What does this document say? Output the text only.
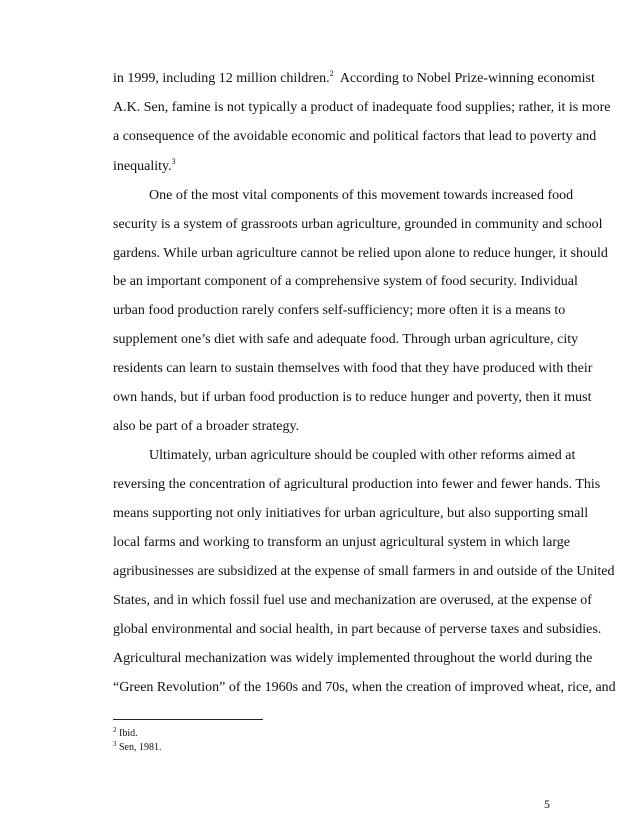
in 1999, including 12 million children.$^2$  According to Nobel Prize-winning economist
A.K. Sen, famine is not typically a product of inadequate food supplies; rather, it is more
a consequence of the avoidable economic and political factors that lead to poverty and
inequality.$^3$
One of the most vital components of this movement towards increased food
security is a system of grassroots urban agriculture, grounded in community and school
gardens. While urban agriculture cannot be relied upon alone to reduce hunger, it should
be an important component of a comprehensive system of food security. Individual
urban food production rarely confers self-sufficiency; more often it is a means to
supplement one’s diet with safe and adequate food. Through urban agriculture, city
residents can learn to sustain themselves with food that they have produced with their
own hands, but if urban food production is to reduce hunger and poverty, then it must
also be part of a broader strategy.
Ultimately, urban agriculture should be coupled with other reforms aimed at
reversing the concentration of agricultural production into fewer and fewer hands. This
means supporting not only initiatives for urban agriculture, but also supporting small
local farms and working to transform an unjust agricultural system in which large
agribusinesses are subsidized at the expense of small farmers in and outside of the United
States, and in which fossil fuel use and mechanization are overused, at the expense of
global environmental and social health, in part because of perverse taxes and subsidies.
Agricultural mechanization was widely implemented throughout the world during the
“Green Revolution” of the 1960s and 70s, when the creation of improved wheat, rice, and
$^2$ Ibid.
$^3$ Sen, 1981.
5
